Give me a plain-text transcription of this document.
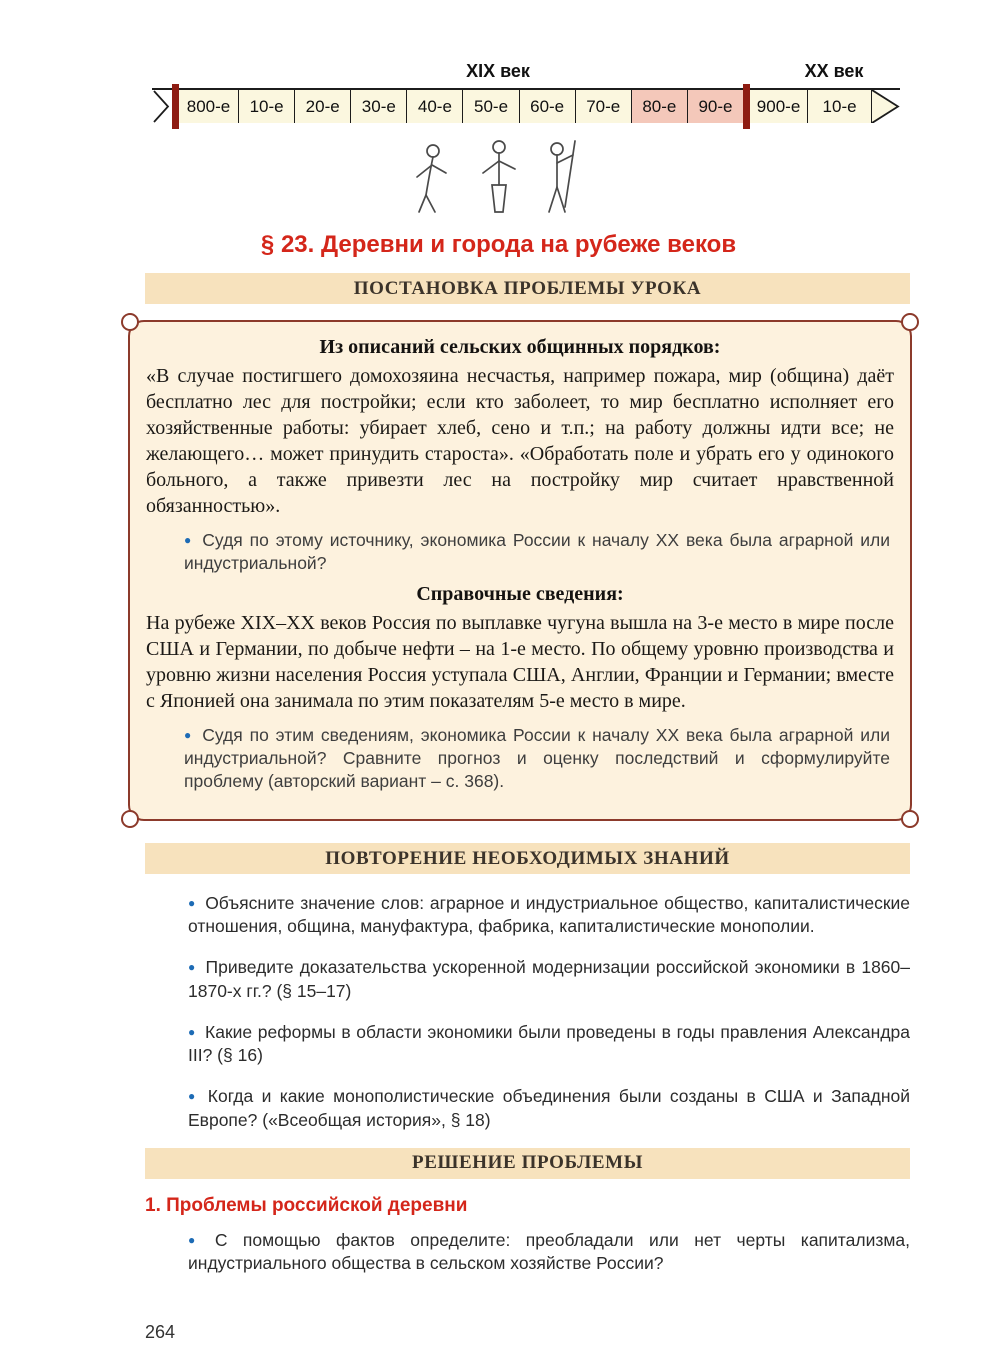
XIX век	XX век
800-е	10-е	20-е	30-е	40-е	50-е	60-е	70-е	80-е	90-е	900-е	10-е
§ 23. Деревни и города на рубеже веков
ПОСТАНОВКА ПРОБЛЕМЫ УРОКА
Из описаний сельских общинных порядков:

«В случае постигшего домохозяина несчастья, например пожара, мир (община) даёт бесплатно лес для постройки; если кто заболеет, то мир бесплатно исполняет его хозяйственные работы: убирает хлеб, сено и т.п.; на работу должны идти все; не желающего… может принудить староста». «Обработать поле и убрать его у одинокого больного, а также привезти лес на постройку мир считает нравственной обязанностью».

● Судя по этому источнику, экономика России к началу XX века была аграрной или индустриальной?

Справочные сведения:

На рубеже XIX–XX веков Россия по выплавке чугуна вышла на 3-е место в мире после США и Германии, по добыче нефти – на 1-е место. По общему уровню производства и уровню жизни населения Россия уступала США, Англии, Франции и Германии; вместе с Японией она занимала по этим показателям 5-е место в мире.

● Судя по этим сведениям, экономика России к началу XX века была аграрной или индустриальной? Сравните прогноз и оценку последствий и сформулируйте проблему (авторский вариант – с. 368).

ПОВТОРЕНИЕ НЕОБХОДИМЫХ ЗНАНИЙ

● Объясните значение слов: аграрное и индустриальное общество, капиталистические отношения, община, мануфактура, фабрика, капиталистические монополии.

● Приведите доказательства ускоренной модернизации российской экономики в 1860–1870-х гг.? (§ 15–17)

● Какие реформы в области экономики были проведены в годы правления Александра III? (§ 16)

● Когда и какие монополистические объединения были созданы в США и Западной Европе? («Всеобщая история», § 18)

РЕШЕНИЕ ПРОБЛЕМЫ
1. Проблемы российской деревни

● С помощью фактов определите: преобладали или нет черты капитализма, индустриального общества в сельском хозяйстве России?

264
